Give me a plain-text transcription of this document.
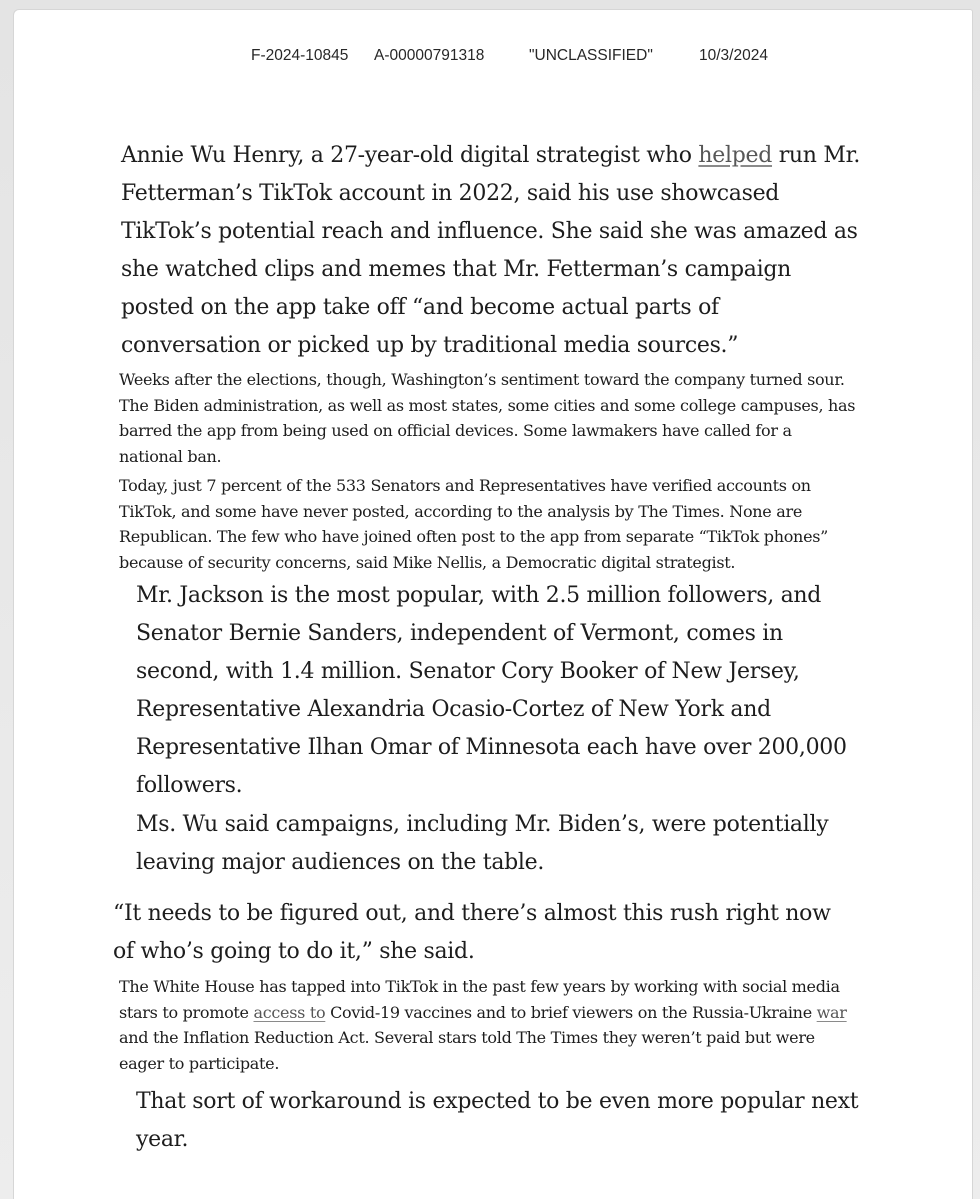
F-2024-10845 A-00000791318	"UNCLASSIFIED"	10/3/2024

Annie Wu Henry, a 27-year-old digital strategist who helped run Mr. Fetterman’s TikTok account in 2022, said his use showcased TikTok’s potential reach and influence. She said she was amazed as she watched clips and memes that Mr. Fetterman’s campaign posted on the app take off “and become actual parts of conversation or picked up by traditional media sources.”

Weeks after the elections, though, Washington’s sentiment toward the company turned sour. The Biden administration, as well as most states, some cities and some college campuses, has barred the app from being used on official devices. Some lawmakers have called for a national ban.

Today, just 7 percent of the 533 Senators and Representatives have verified accounts on TikTok, and some have never posted, according to the analysis by The Times. None are Republican. The few who have joined often post to the app from separate “TikTok phones” because of security concerns, said Mike Nellis, a Democratic digital strategist.

Mr. Jackson is the most popular, with 2.5 million followers, and Senator Bernie Sanders, independent of Vermont, comes in second, with 1.4 million. Senator Cory Booker of New Jersey, Representative Alexandria Ocasio-Cortez of New York and Representative Ilhan Omar of Minnesota each have over 200,000 followers.

Ms. Wu said campaigns, including Mr. Biden’s, were potentially leaving major audiences on the table.

“It needs to be figured out, and there’s almost this rush right now of who’s going to do it,” she said.

The White House has tapped into TikTok in the past few years by working with social media stars to promote access to Covid-19 vaccines and to brief viewers on the Russia-Ukraine war and the Inflation Reduction Act. Several stars told The Times they weren’t paid but were eager to participate.

That sort of workaround is expected to be even more popular next year.
